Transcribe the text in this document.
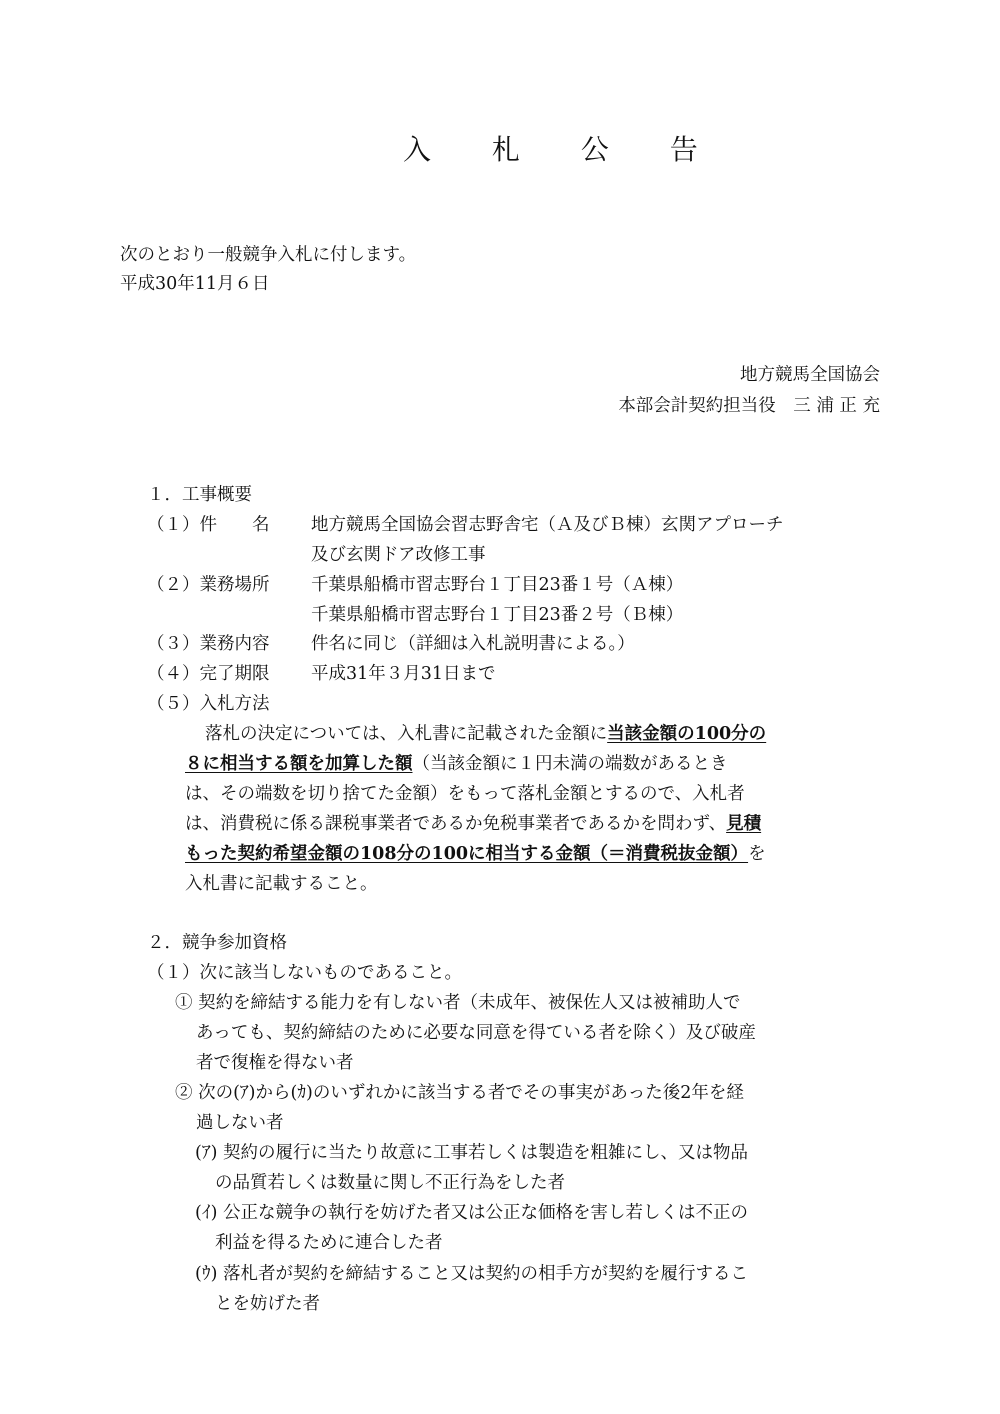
入 札 公 告
次のとおり一般競争入札に付します。
平成30年11月６日
地方競馬全国協会
本部会計契約担当役　三 浦 正 充
１．工事概要
（１）件　　名 地方競馬全国協会習志野舎宅（Ａ及びＢ棟）玄関アプローチ
及び玄関ドア改修工事
（２）業務場所 千葉県船橋市習志野台１丁目23番１号（Ａ棟）
千葉県船橋市習志野台１丁目23番２号（Ｂ棟）
（３）業務内容 件名に同じ（詳細は入札説明書による。）
（４）完了期限 平成31年３月31日まで
（５）入札方法
落札の決定については、入札書に記載された金額に当該金額の100分の
８に相当する額を加算した額（当該金額に１円未満の端数があるとき
は、その端数を切り捨てた金額）をもって落札金額とするので、入札者
は、消費税に係る課税事業者であるか免税事業者であるかを問わず、見積
もった契約希望金額の108分の100に相当する金額（＝消費税抜金額）を
入札書に記載すること。
２．競争参加資格
（１）次に該当しないものであること。
① 契約を締結する能力を有しない者（未成年、被保佐人又は被補助人で
あっても、契約締結のために必要な同意を得ている者を除く）及び破産
者で復権を得ない者
② 次の(ｱ)から(ｶ)のいずれかに該当する者でその事実があった後2年を経
過しない者
(ｱ) 契約の履行に当たり故意に工事若しくは製造を粗雑にし、又は物品
の品質若しくは数量に関し不正行為をした者
(ｲ) 公正な競争の執行を妨げた者又は公正な価格を害し若しくは不正の
利益を得るために連合した者
(ｳ) 落札者が契約を締結すること又は契約の相手方が契約を履行するこ
とを妨げた者
